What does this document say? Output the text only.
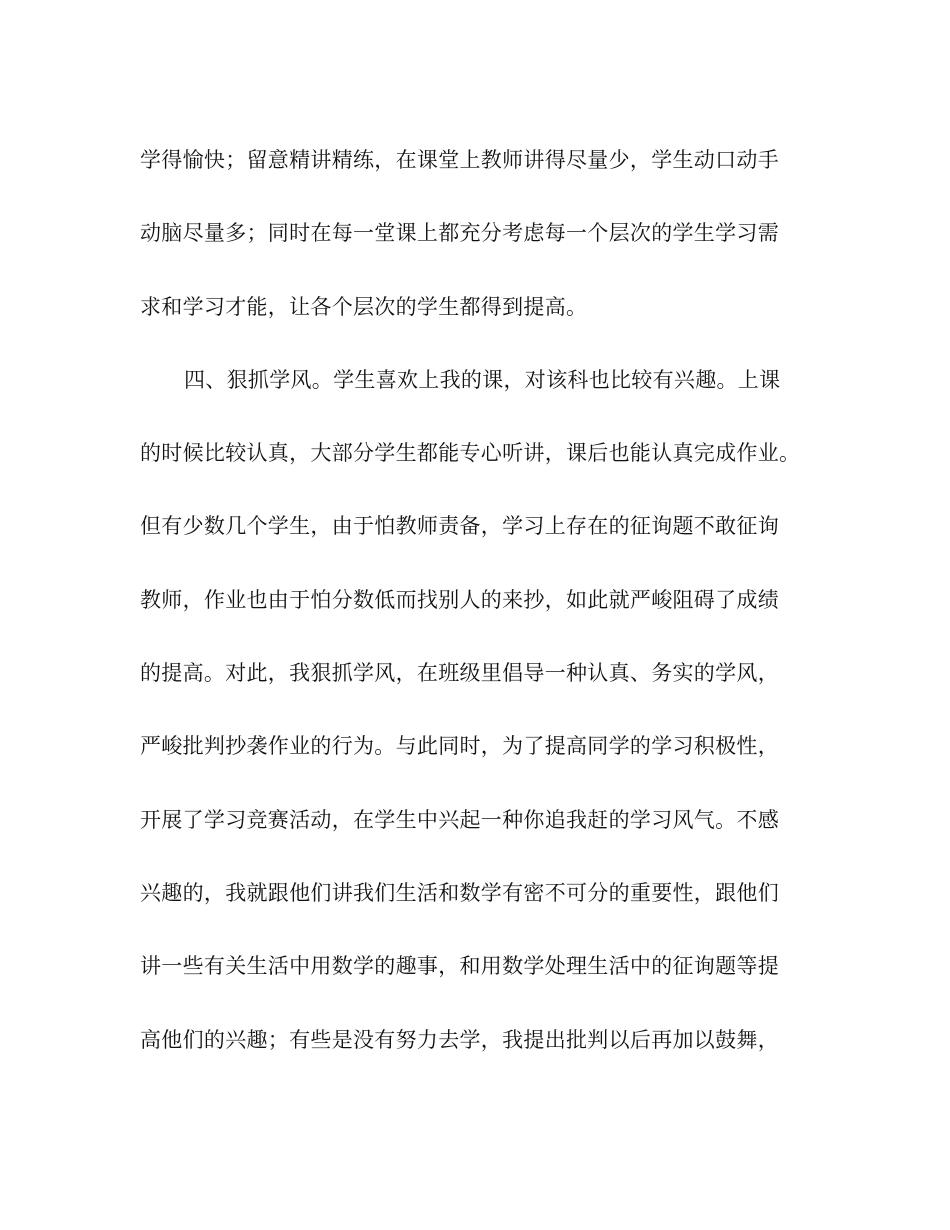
学得愉快；留意精讲精练，在课堂上教师讲得尽量少，学生动口动手
动脑尽量多；同时在每一堂课上都充分考虑每一个层次的学生学习需
求和学习才能，让各个层次的学生都得到提高。
四、狠抓学风。学生喜欢上我的课，对该科也比较有兴趣。上课
的时候比较认真，大部分学生都能专心听讲，课后也能认真完成作业。
但有少数几个学生，由于怕教师责备，学习上存在的征询题不敢征询
教师，作业也由于怕分数低而找别人的来抄，如此就严峻阻碍了成绩
的提高。对此，我狠抓学风，在班级里倡导一种认真、务实的学风，
严峻批判抄袭作业的行为。与此同时，为了提高同学的学习积极性，
开展了学习竞赛活动，在学生中兴起一种你追我赶的学习风气。不感
兴趣的，我就跟他们讲我们生活和数学有密不可分的重要性，跟他们
讲一些有关生活中用数学的趣事，和用数学处理生活中的征询题等提
高他们的兴趣；有些是没有努力去学，我提出批判以后再加以鼓舞，
